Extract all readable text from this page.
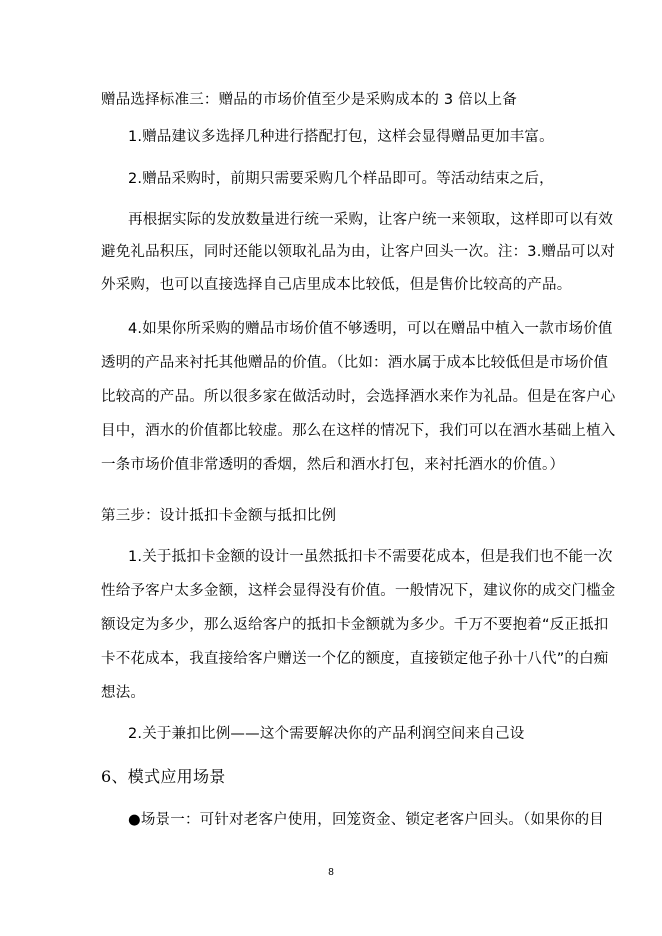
赠品选择标准三：赠品的市场价值至少是采购成本的 3 倍以上备
1.赠品建议多选择几种进行搭配打包，这样会显得赠品更加丰富。
2.赠品采购时，前期只需要采购几个样品即可。等活动结束之后，
再根据实际的发放数量进行统一采购，让客户统一来领取，这样即可以有效
避免礼品积压，同时还能以领取礼品为由，让客户回头一次。注：3.赠品可以对
外采购，也可以直接选择自己店里成本比较低，但是售价比较高的产品。
4.如果你所采购的赠品市场价值不够透明，可以在赠品中植入一款市场价值
透明的产品来衬托其他赠品的价值。（比如：酒水属于成本比较低但是市场价值
比较高的产品。所以很多家在做活动时，会选择酒水来作为礼品。但是在客户心
目中，酒水的价值都比较虚。那么在这样的情况下，我们可以在酒水基础上植入
一条市场价值非常透明的香烟，然后和酒水打包，来衬托酒水的价值。）
第三步：设计抵扣卡金额与抵扣比例
1.关于抵扣卡金额的设计一虽然抵扣卡不需要花成本，但是我们也不能一次
性给予客户太多金额，这样会显得没有价值。一般情况下，建议你的成交门槛金
额设定为多少，那么返给客户的抵扣卡金额就为多少。千万不要抱着“反正抵扣
卡不花成本，我直接给客户赠送一个亿的额度，直接锁定他子孙十八代”的白痴
想法。
2.关于兼扣比例——这个需要解决你的产品利润空间来自己设
6、模式应用场景
●场景一：可针对老客户使用，回笼资金、锁定老客户回头。（如果你的目
8
